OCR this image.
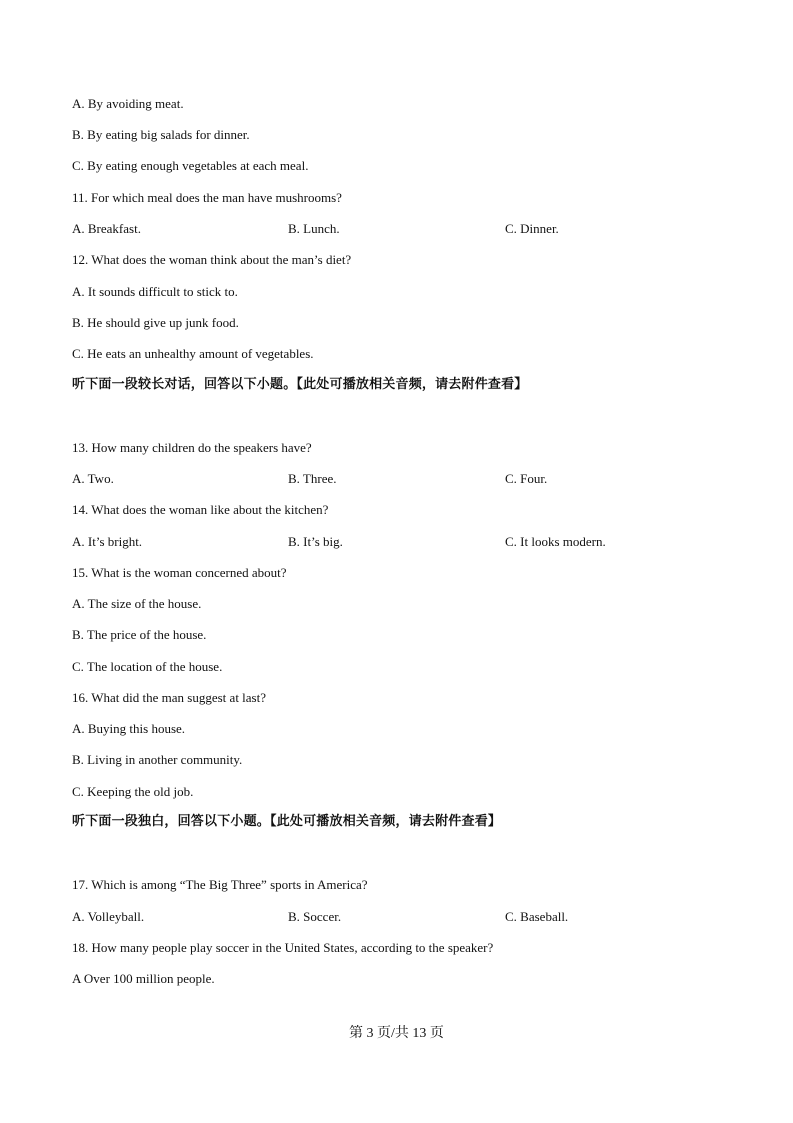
A. By avoiding meat.
B. By eating big salads for dinner.
C. By eating enough vegetables at each meal.
11. For which meal does the man have mushrooms?
A. Breakfast.	B. Lunch.	C. Dinner.
12. What does the woman think about the man’s diet?
A. It sounds difficult to stick to.
B. He should give up junk food.
C. He eats an unhealthy amount of vegetables.
听下面一段较长对话，回答以下小题。【此处可播放相关音频，请去附件查看】
13. How many children do the speakers have?
A. Two.	B. Three.	C. Four.
14. What does the woman like about the kitchen?
A. It’s bright.	B. It’s big.	C. It looks modern.
15. What is the woman concerned about?
A. The size of the house.
B. The price of the house.
C. The location of the house.
16. What did the man suggest at last?
A. Buying this house.
B. Living in another community.
C. Keeping the old job.
听下面一段独白，回答以下小题。【此处可播放相关音频，请去附件查看】
17. Which is among “The Big Three” sports in America?
A. Volleyball.	B. Soccer.	C. Baseball.
18. How many people play soccer in the United States, according to the speaker?
A Over 100 million people.
第 3 页/共 13 页
